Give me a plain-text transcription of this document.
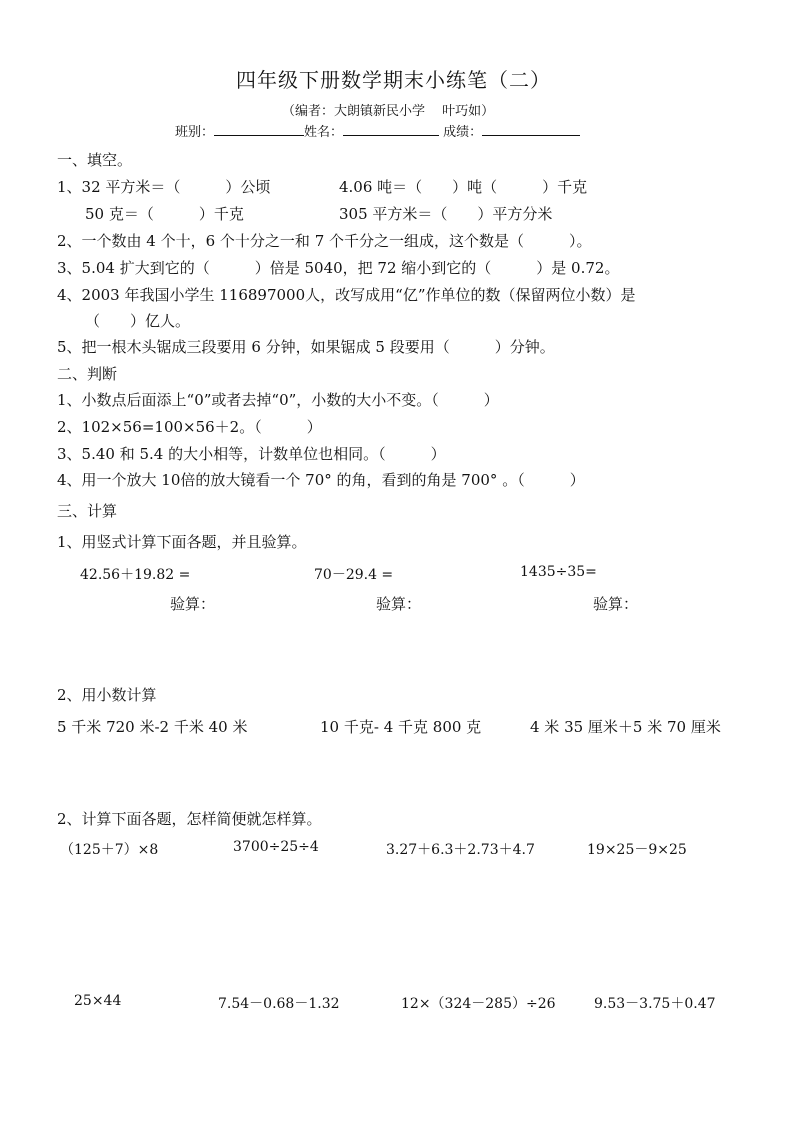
四年级下册数学期末小练笔（二）
（编者：大朗镇新民小学　 叶巧如）
班别：	姓名：	成绩：
一、填空。
1、32 平方米＝（　　　）公顷	4.06 吨＝（　　）吨（　　　）千克
50 克＝（　　　）千克	305 平方米＝（　　）平方分米
2、一个数由 4 个十，6 个十分之一和 7 个千分之一组成，这个数是（　　　）。
3、5.04 扩大到它的（　　　）倍是 5040，把 72 缩小到它的（　　　）是 0.72。
4、2003 年我国小学生 116897000人，改写成用“亿”作单位的数（保留两位小数）是
（　　）亿人。
5、把一根木头锯成三段要用 6 分钟，如果锯成 5 段要用（　　　）分钟。
二、判断
1、小数点后面添上“0”或者去掉“0”，小数的大小不变。（　　　）
2、102×56=100×56＋2。（　　　）
3、5.40 和 5.4 的大小相等，计数单位也相同。（　　　）
4、用一个放大 10倍的放大镜看一个 70° 的角，看到的角是 700° 。（　　　）
三、计算
1、用竖式计算下面各题，并且验算。
42.56＋19.82 =	70－29.4 =	1435÷35=
验算：	验算：	验算：
2、用小数计算
5 千米 720 米-2 千米 40 米	10 千克- 4 千克 800 克	4 米 35 厘米＋5 米 70 厘米
2、计算下面各题，怎样简便就怎样算。
（125＋7）×8	3700÷25÷4	3.27＋6.3＋2.73＋4.7	19×25－9×25
25×44	7.54－0.68－1.32	12×（324－285）÷26	9.53－3.75＋0.47
